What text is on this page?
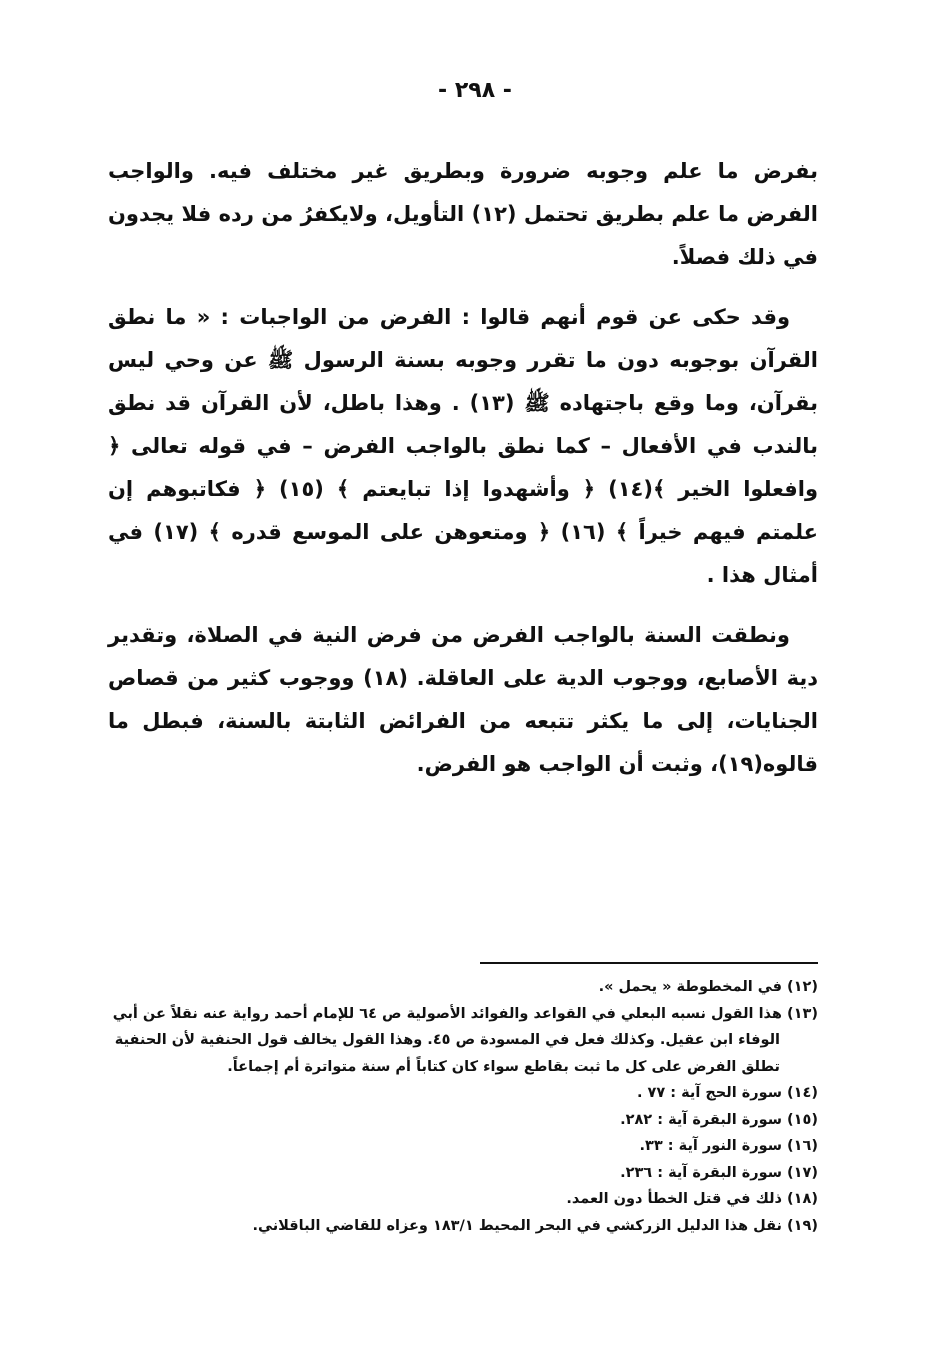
- ٢٩٨ -

بفرض ما علم وجوبه ضرورة وبطريق غير مختلف فيه. والواجب الفرض ما علم بطريق تحتمل (١٢) التأويل، ولايكفرُ من رده فلا يجدون في ذلك فصلاً.

وقد حكى عن قوم أنهم قالوا : الفرض من الواجبات : « ما نطق القرآن بوجوبه دون ما تقرر وجوبه بسنة الرسول ﷺ عن وحي ليس بقرآن، وما وقع باجتهاده ﷺ (١٣) . وهذا باطل، لأن القرآن قد نطق بالندب في الأفعال – كما نطق بالواجب الفرض – في قوله تعالى ﴿ وافعلوا الخير ﴾(١٤) ﴿ وأشهدوا إذا تبايعتم ﴾ (١٥) ﴿ فكاتبوهم إن علمتم فيهم خيراً ﴾ (١٦) ﴿ ومتعوهن على الموسع قدره ﴾ (١٧) في أمثال هذا .

ونطقت السنة بالواجب الفرض من فرض النية في الصلاة، وتقدير دية الأصابع، ووجوب الدية على العاقلة. (١٨) ووجوب كثير من قصاص الجنايات، إلى ما يكثر تتبعه من الفرائض الثابتة بالسنة، فبطل ما قالوه(١٩)، وثبت أن الواجب هو الفرض.

(١٢) في المخطوطة « يحمل ».

(١٣) هذا القول نسبه البعلي في القواعد والفوائد الأصولية ص ٦٤ للإمام أحمد رواية عنه نقلاً عن أبي الوفاء ابن عقيل. وكذلك فعل في المسودة ص ٤٥. وهذا القول يخالف قول الحنفية لأن الحنفية تطلق الفرض على كل ما ثبت بقاطع سواء كان كتاباً أم سنة متواترة أم إجماعاً.

(١٤) سورة الحج آية : ٧٧ .

(١٥) سورة البقرة آية : ٢٨٢.

(١٦) سورة النور آية : ٣٣.

(١٧) سورة البقرة آية : ٢٣٦.

(١٨) ذلك في قتل الخطأ دون العمد.

(١٩) نقل هذا الدليل الزركشي في البحر المحيط ١٨٣/١ وعزاه للقاضي الباقلاني.
